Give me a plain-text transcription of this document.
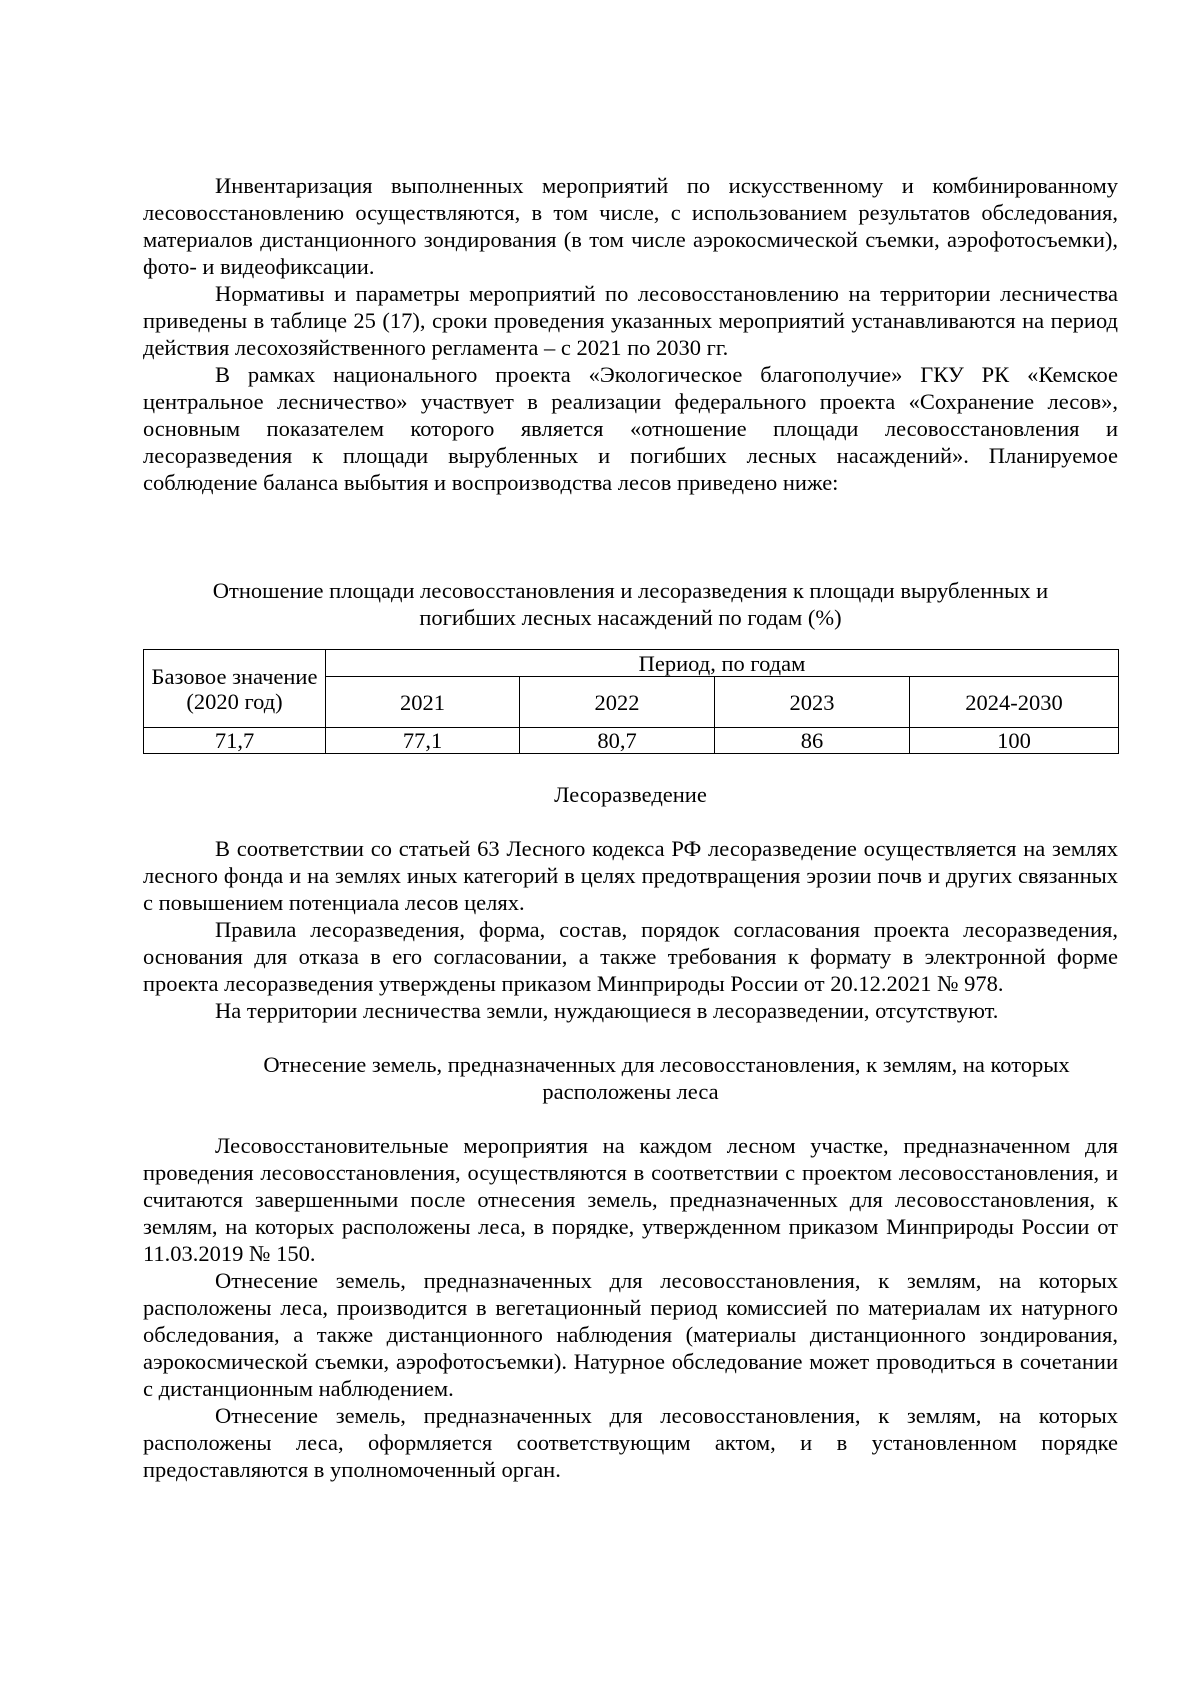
Инвентаризация выполненных мероприятий по искусственному и комбинированному лесовосстановлению осуществляются, в том числе, с использованием результатов обследования, материалов дистанционного зондирования (в том числе аэрокосмической съемки, аэрофотосъемки), фото- и видеофиксации.

Нормативы и параметры мероприятий по лесовосстановлению на территории лесничества приведены в таблице 25 (17), сроки проведения указанных мероприятий устанавливаются на период действия лесохозяйственного регламента – с 2021 по 2030 гг.

В рамках национального проекта «Экологическое благополучие» ГКУ РК «Кемское центральное лесничество» участвует в реализации федерального проекта «Сохранение лесов», основным показателем которого является «отношение площади лесовосстановления и лесоразведения к площади вырубленных и погибших лесных насаждений». Планируемое соблюдение баланса выбытия и воспроизводства лесов приведено ниже:

Отношение площади лесовосстановления и лесоразведения к площади вырубленных и погибших лесных насаждений по годам (%)

Базовое значение (2020 год)	Период, по годам			
	2021	2022	2023	2024-2030
71,7	77,1	80,7	86	100

Лесоразведение

В соответствии со статьей 63 Лесного кодекса РФ лесоразведение осуществляется на землях лесного фонда и на землях иных категорий в целях предотвращения эрозии почв и других связанных с повышением потенциала лесов целях.

Правила лесоразведения, форма, состав, порядок согласования проекта лесоразведения, основания для отказа в его согласовании, а также требования к формату в электронной форме проекта лесоразведения утверждены приказом Минприроды России от 20.12.2021 № 978.

На территории лесничества земли, нуждающиеся в лесоразведении, отсутствуют.

Отнесение земель, предназначенных для лесовосстановления, к землям, на которых

расположены леса

Лесовосстановительные мероприятия на каждом лесном участке, предназначенном для проведения лесовосстановления, осуществляются в соответствии с проектом лесовосстановления, и считаются завершенными после отнесения земель, предназначенных для лесовосстановления, к землям, на которых расположены леса, в порядке, утвержденном приказом Минприроды России от 11.03.2019 № 150.

Отнесение земель, предназначенных для лесовосстановления, к землям, на которых расположены леса, производится в вегетационный период комиссией по материалам их натурного обследования, а также дистанционного наблюдения (материалы дистанционного зондирования, аэрокосмической съемки, аэрофотосъемки). Натурное обследование может проводиться в сочетании с дистанционным наблюдением.

Отнесение земель, предназначенных для лесовосстановления, к землям, на которых расположены леса, оформляется соответствующим актом, и в установленном порядке предоставляются в уполномоченный орган.
